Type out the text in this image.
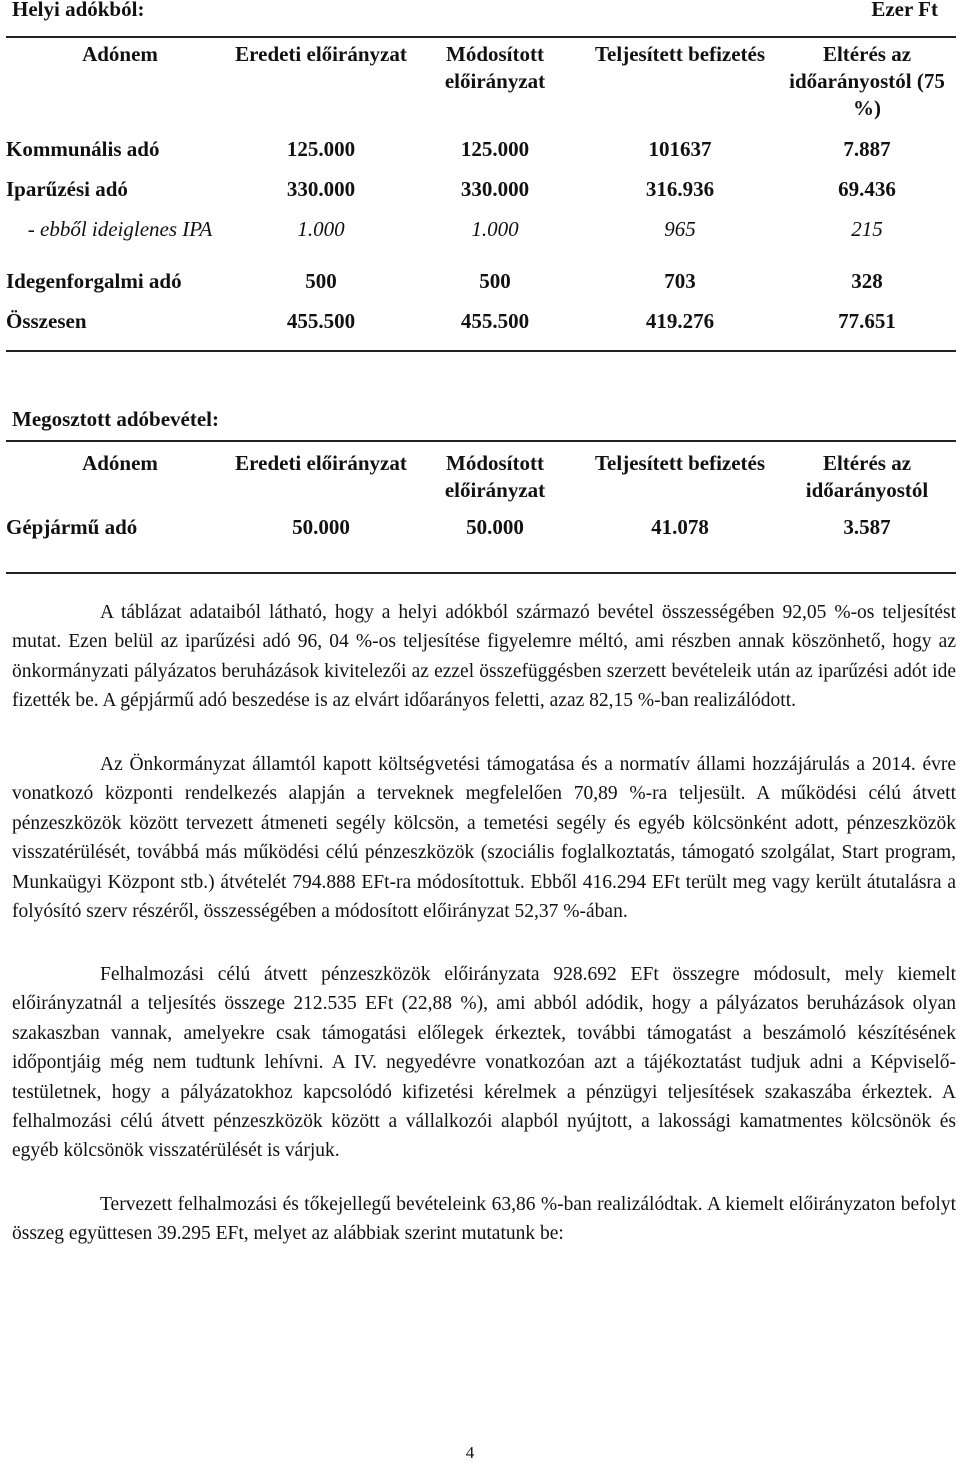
Helyi adókból:	Ezer Ft
Adónem	Eredeti előirányzat	Módosított előirányzat	Teljesített befizetés	Eltérés az időarányostól (75 %)
Kommunális adó	125.000	125.000	101637	7.887
Iparűzési adó	330.000	330.000	316.936	69.436
- ebből ideiglenes IPA	1.000	1.000	965	215
Idegenforgalmi adó	500	500	703	328
Összesen	455.500	455.500	419.276	77.651
Megosztott adóbevétel:
Adónem	Eredeti előirányzat	Módosított előirányzat	Teljesített befizetés	Eltérés az időarányostól
Gépjármű adó	50.000	50.000	41.078	3.587

A táblázat adataiból látható, hogy a helyi adókból származó bevétel összességében 92,05 %-os teljesítést mutat. Ezen belül az iparűzési adó 96, 04 %-os teljesítése figyelemre méltó, ami részben annak köszönhető, hogy az önkormányzati pályázatos beruházások kivitelezői az ezzel összefüggésben szerzett bevételeik után az iparűzési adót ide fizették be. A gépjármű adó beszedése is az elvárt időarányos feletti, azaz 82,15 %-ban realizálódott.

Az Önkormányzat államtól kapott költségvetési támogatása és a normatív állami hozzájárulás a 2014. évre vonatkozó központi rendelkezés alapján a terveknek megfelelően 70,89 %-ra teljesült. A működési célú átvett pénzeszközök között tervezett átmeneti segély kölcsön, a temetési segély és egyéb kölcsönként adott, pénzeszközök visszatérülését, továbbá más működési célú pénzeszközök (szociális foglalkoztatás, támogató szolgálat, Start program, Munkaügyi Központ stb.) átvételét 794.888 EFt-ra módosítottuk. Ebből 416.294 EFt terült meg vagy került átutalásra a folyósító szerv részéről, összességében a módosított előirányzat 52,37 %-ában.

Felhalmozási célú átvett pénzeszközök előirányzata 928.692 EFt összegre módosult, mely kiemelt előirányzatnál a teljesítés összege 212.535 EFt (22,88 %), ami abból adódik, hogy a pályázatos beruházások olyan szakaszban vannak, amelyekre csak támogatási előlegek érkeztek, további támogatást a beszámoló készítésének időpontjáig még nem tudtunk lehívni. A IV. negyedévre vonatkozóan azt a tájékoztatást tudjuk adni a Képviselő-testületnek, hogy a pályázatokhoz kapcsolódó kifizetési kérelmek a pénzügyi teljesítések szakaszába érkeztek. A felhalmozási célú átvett pénzeszközök között a vállalkozói alapból nyújtott, a lakossági kamatmentes kölcsönök és egyéb kölcsönök visszatérülését is várjuk.

Tervezett felhalmozási és tőkejellegű bevételeink 63,86 %-ban realizálódtak. A kiemelt előirányzaton befolyt összeg együttesen 39.295 EFt, melyet az alábbiak szerint mutatunk be:

4
